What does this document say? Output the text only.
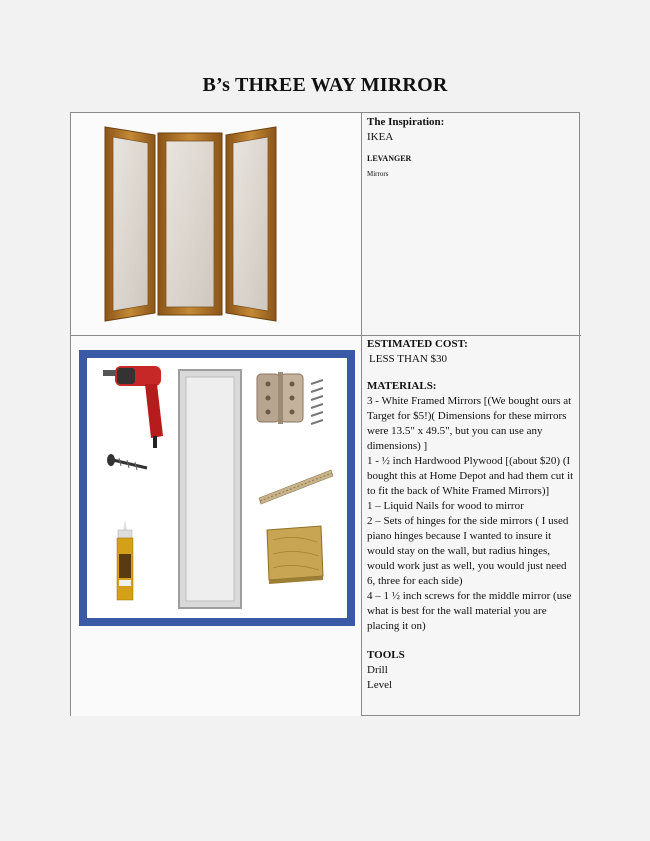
B’s THREE WAY MIRROR
The Inspiration:
IKEA
LEVANGER
Mirrors
ESTIMATED COST:
LESS THAN $30
MATERIALS:
3 - White Framed Mirrors [(We bought ours at Target for $5!)( Dimensions for these mirrors were 13.5" x 49.5", but you can use any dimensions) ]
1 - ½ inch Hardwood Plywood [(about $20) (I bought this at Home Depot and had them cut it to fit the back of White Framed Mirrors)]
1 – Liquid Nails for wood to mirror
2 – Sets of hinges for the side mirrors ( I used piano hinges because I wanted to insure it would stay on the wall, but radius hinges, would work just as well, you would just need 6, three for each side)
4 – 1 ½ inch screws for the middle mirror (use what is best for the wall material you are placing it on)
TOOLS
Drill
Level
